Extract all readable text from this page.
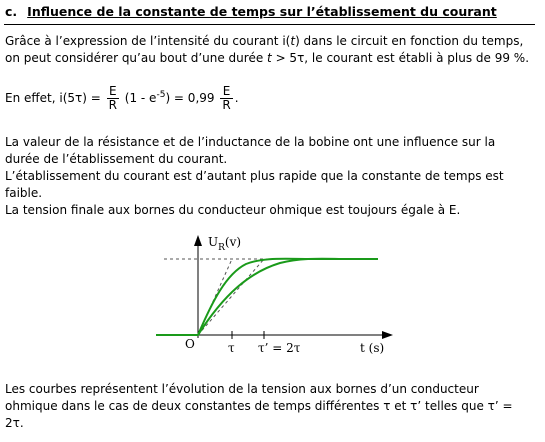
c. Influence de la constante de temps sur l’établissement du courant

Grâce à l’expression de l’intensité du courant i(t) dans le circuit en fonction du temps, on peut considérer qu’au bout d’une durée t > 5τ, le courant est établi à plus de 99 %.

En effet, $i(5\tau) = \frac{E}{R} (1 - e^{-5}) = 0,99 \frac{E}{R}$ .

La valeur de la résistance et de l’inductance de la bobine ont une influence sur la durée de l’établissement du courant.

L’établissement du courant est d’autant plus rapide que la constante de temps est faible.

La tension finale aux bornes du conducteur ohmique est toujours égale à E.

$U_R(v)$
O	τ τ’ = 2τ	t (s)

Les courbes représentent l’évolution de la tension aux bornes d’un conducteur ohmique dans le cas de deux constantes de temps différentes τ et τ’ telles que τ’ = 2τ.
